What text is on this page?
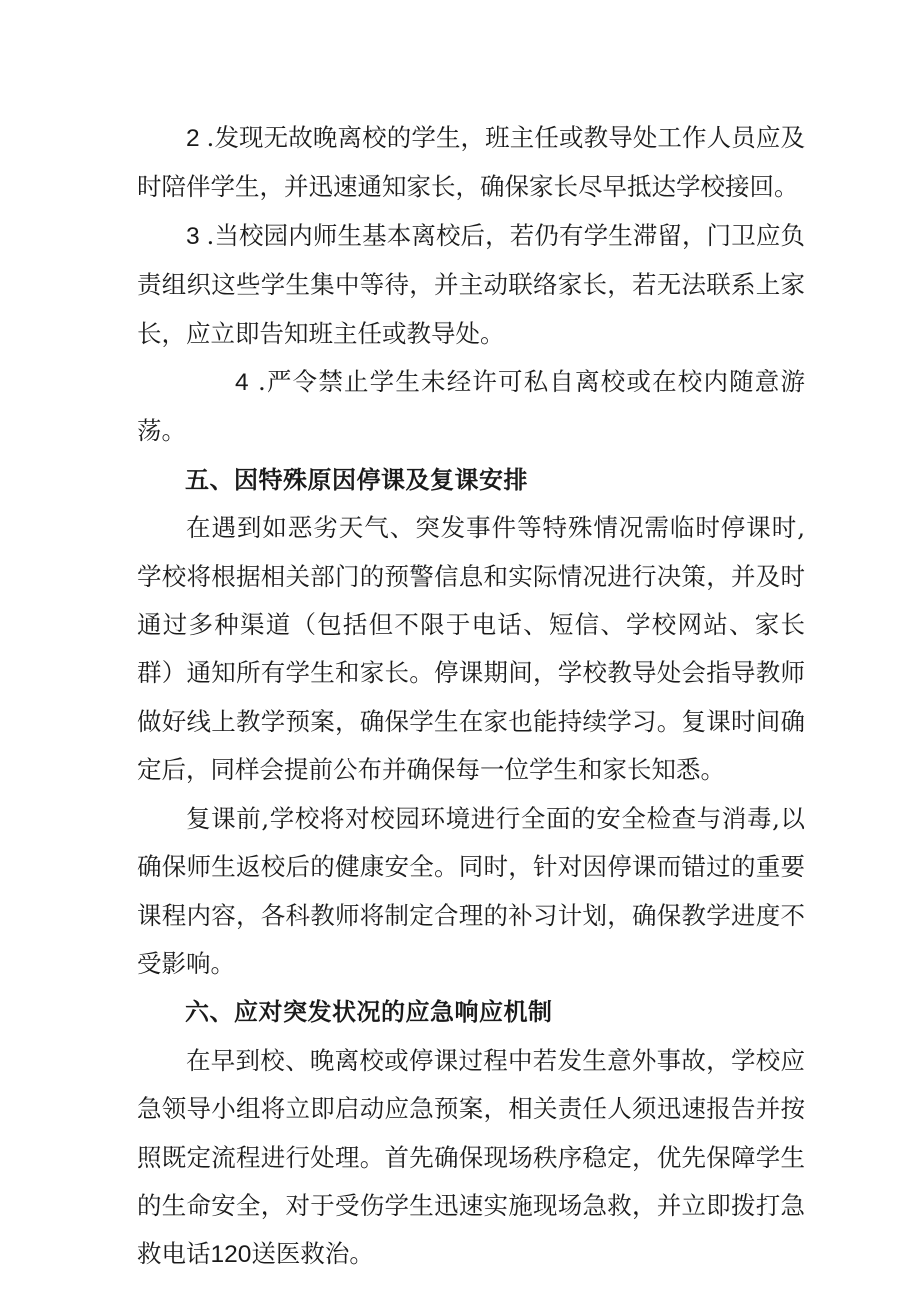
2 .发现无故晚离校的学生，班主任或教导处工作人员应及时陪伴学生，并迅速通知家长，确保家长尽早抵达学校接回。

3 .当校园内师生基本离校后，若仍有学生滞留，门卫应负责组织这些学生集中等待，并主动联络家长，若无法联系上家长，应立即告知班主任或教导处。

4 .严令禁止学生未经许可私自离校或在校内随意游荡。

五、因特殊原因停课及复课安排

在遇到如恶劣天气、突发事件等特殊情况需临时停课时,学校将根据相关部门的预警信息和实际情况进行决策，并及时通过多种渠道（包括但不限于电话、短信、学校网站、家长群）通知所有学生和家长。停课期间，学校教导处会指导教师做好线上教学预案，确保学生在家也能持续学习。复课时间确定后，同样会提前公布并确保每一位学生和家长知悉。

复课前,学校将对校园环境进行全面的安全检查与消毒,以确保师生返校后的健康安全。同时，针对因停课而错过的重要课程内容，各科教师将制定合理的补习计划，确保教学进度不受影响。

六、应对突发状况的应急响应机制

在早到校、晚离校或停课过程中若发生意外事故，学校应急领导小组将立即启动应急预案，相关责任人须迅速报告并按照既定流程进行处理。首先确保现场秩序稳定，优先保障学生的生命安全，对于受伤学生迅速实施现场急救，并立即拨打急救电话120送医救治。
